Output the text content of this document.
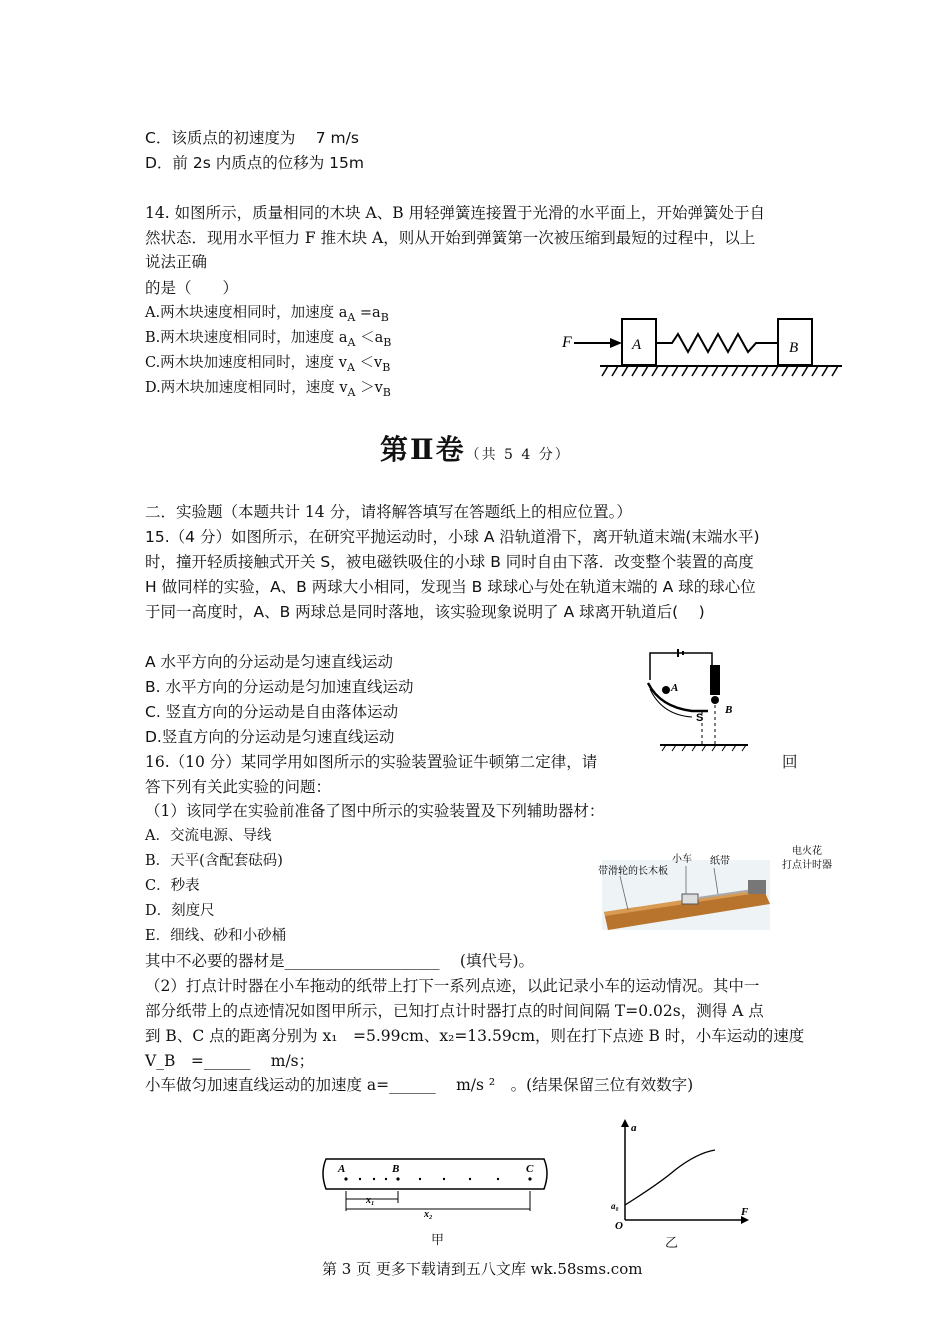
C．该质点的初速度为 　7 m/s
D．前 2s 内质点的位移为 15m
14. 如图所示，质量相同的木块 A、B 用轻弹簧连接置于光滑的水平面上，开始弹簧处于自
然状态．现用水平恒力 F 推木块 A，则从开始到弹簧第一次被压缩到最短的过程中，以上
说法正确
的是（　　）
A.两木块速度相同时，加速度 $a_A =a_B$
B.两木块速度相同时，加速度 $a_A <a_B$
C.两木块加速度相同时，速度 $v_A <v_B$
D.两木块加速度相同时，速度 $v_A >v_B$
F	A	B
第Ⅱ卷（共 5 4 分）
二．实验题（本题共计 14 分，请将解答填写在答题纸上的相应位置。）
15.（4 分）如图所示，在研究平抛运动时，小球 A 沿轨道滑下，离开轨道末端(末端水平)
时，撞开轻质接触式开关 S，被电磁铁吸住的小球 B 同时自由下落．改变整个装置的高度
H 做同样的实验，A、B 两球大小相同，发现当 B 球球心与处在轨道末端的 A 球的球心位
于同一高度时，A、B 两球总是同时落地，该实验现象说明了 A 球离开轨道后(　 )
A 水平方向的分运动是匀速直线运动
B. 水平方向的分运动是匀加速直线运动
C. 竖直方向的分运动是自由落体运动
D.竖直方向的分运动是匀速直线运动
A
B
S
16.（10 分）某同学用如图所示的实验装置验证牛顿第二定律，请	回
答下列有关此实验的问题：
（1）该同学在实验前准备了图中所示的实验装置及下列辅助器材：
A．交流电源、导线
B．天平(含配套砝码)
C．秒表
D．刻度尺
E．细线、砂和小砂桶
其中不必要的器材是____________________　 (填代号)。
（2）打点计时器在小车拖动的纸带上打下一系列点迹，以此记录小车的运动情况。其中一
部分纸带上的点迹情况如图甲所示，已知打点计时器打点的时间间隔 T=0.02s，测得 A 点
到 B、C 点的距离分别为 x₁　=5.99cm、x₂=13.59cm，则在打下点迹 B 时，小车运动的速度
V_B　=______　 m/s；
小车做匀加速直线运动的加速度 a=______　 m/s ²　。(结果保留三位有效数字)
带滑轮的长木板
小车 纸带
电火花
打点计时器
A	B	C
x₁
x₂
甲
a
F
O
a₀
乙
第 3 页 更多下载请到五八文库 wk.58sms.com
